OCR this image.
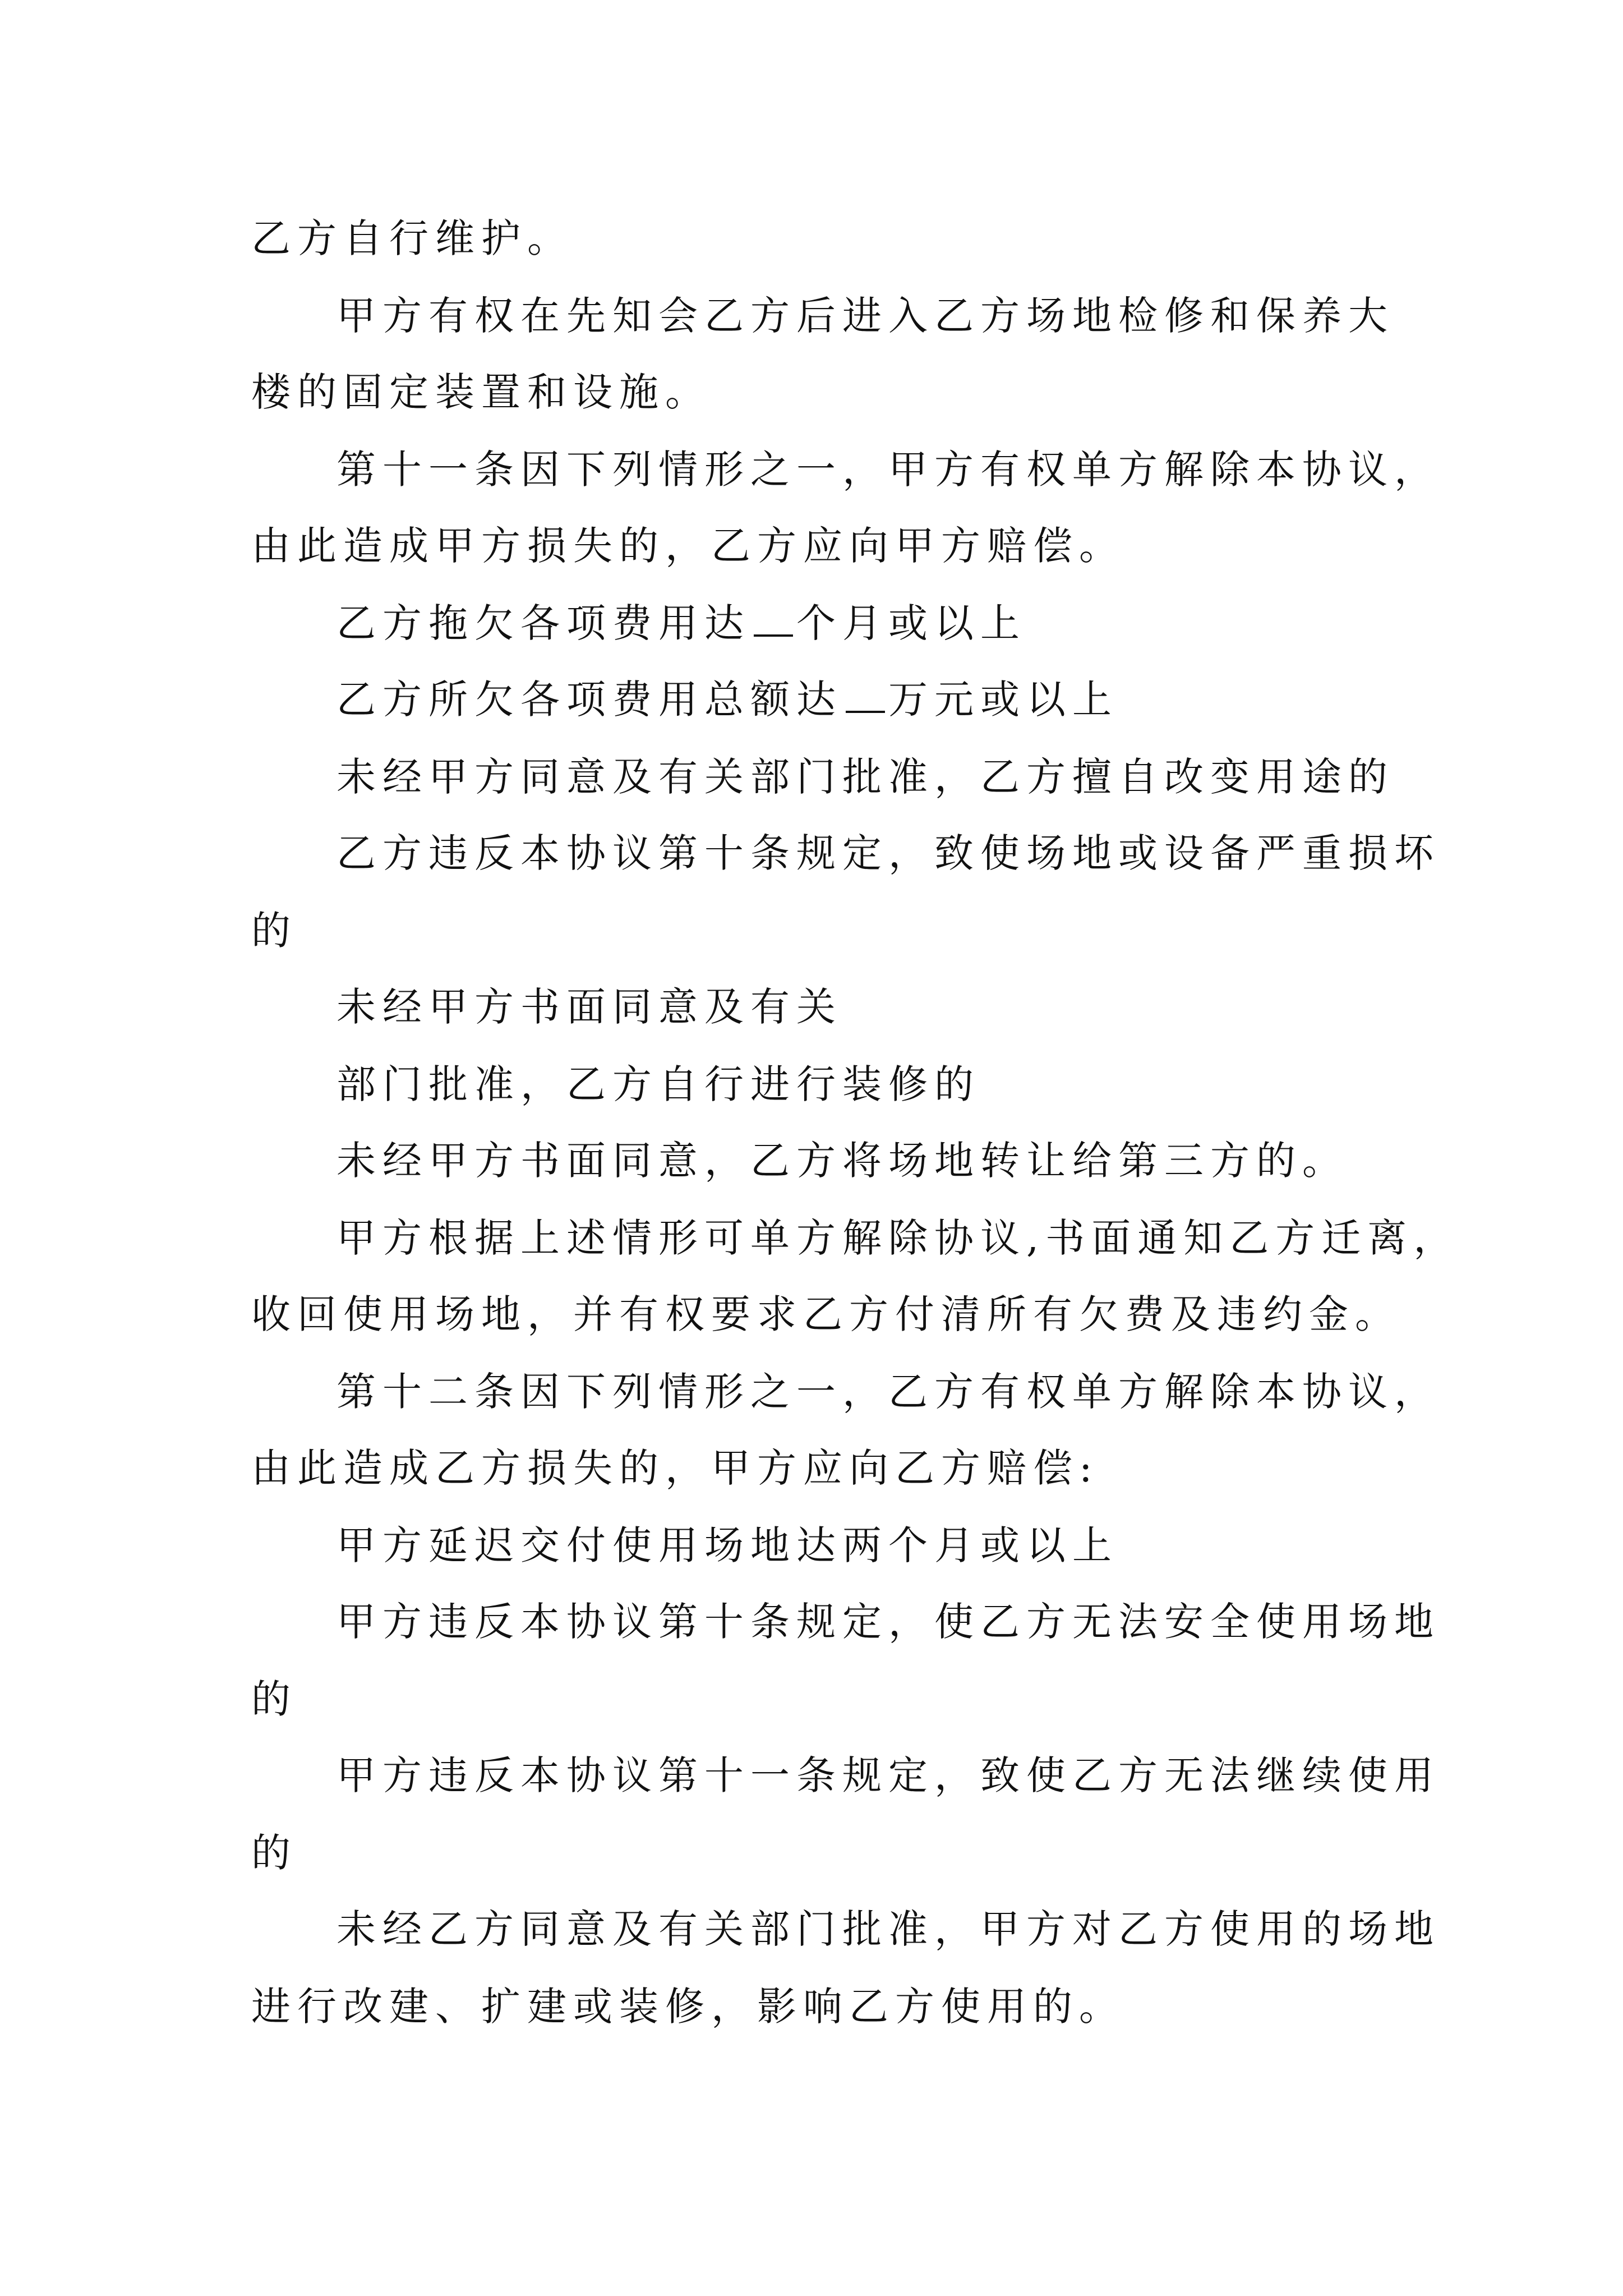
乙方自行维护。
甲方有权在先知会乙方后进入乙方场地检修和保养大
楼的固定装置和设施。
第十一条因下列情形之一，甲方有权单方解除本协议，
由此造成甲方损失的，乙方应向甲方赔偿。
乙方拖欠各项费用达 个月或以上
乙方所欠各项费用总额达 万元或以上
未经甲方同意及有关部门批准，乙方擅自改变用途的
乙方违反本协议第十条规定，致使场地或设备严重损坏
的
未经甲方书面同意及有关
部门批准，乙方自行进行装修的
未经甲方书面同意，乙方将场地转让给第三方的。
甲方根据上述情形可单方解除协议,书面通知乙方迁离，
收回使用场地，并有权要求乙方付清所有欠费及违约金。
第十二条因下列情形之一，乙方有权单方解除本协议，
由此造成乙方损失的，甲方应向乙方赔偿:
甲方延迟交付使用场地达两个月或以上
甲方违反本协议第十条规定，使乙方无法安全使用场地
的
甲方违反本协议第十一条规定，致使乙方无法继续使用
的
未经乙方同意及有关部门批准，甲方对乙方使用的场地
进行改建、扩建或装修，影响乙方使用的。
